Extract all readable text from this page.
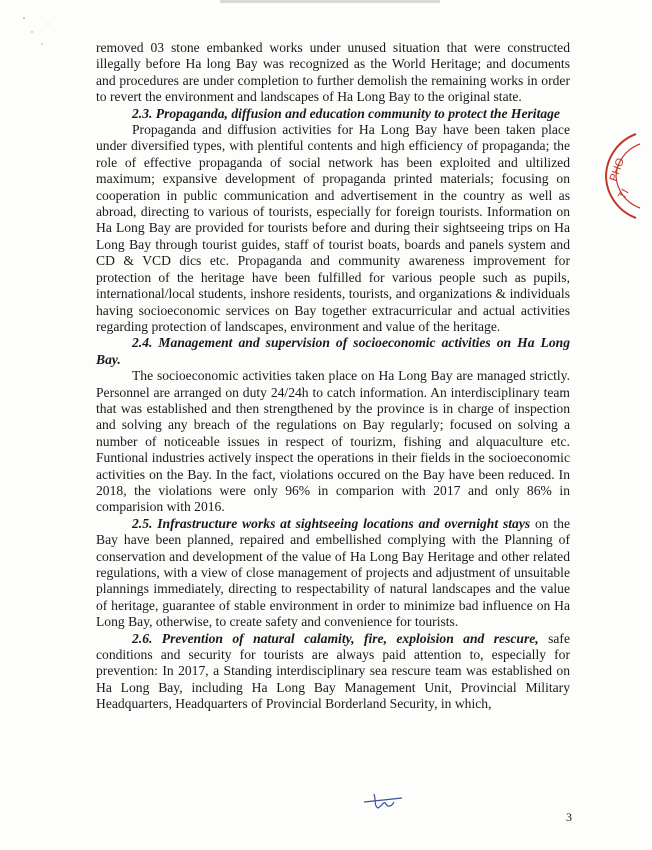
removed 03 stone embanked works under unused situation that were constructed illegally before Ha long Bay was recognized as the World Heritage; and documents and procedures are under completion to further demolish the remaining works in order to revert the environment and landscapes of Ha Long Bay to the original state.

2.3. Propaganda, diffusion and education community to protect the Heritage

Propaganda and diffusion activities for Ha Long Bay have been taken place under diversified types, with plentiful contents and high efficiency of propaganda; the role of effective propaganda of social network has been exploited and ultilized maximum; expansive development of propaganda printed materials; focusing on cooperation in public communication and advertisement in the country as well as abroad, directing to various of tourists, especially for foreign tourists. Information on Ha Long Bay are provided for tourists before and during their sightseeing trips on Ha Long Bay through tourist guides, staff of tourist boats, boards and panels system and CD & VCD dics etc. Propaganda and community awareness improvement for protection of the heritage have been fulfilled for various people such as pupils, international/local students, inshore residents, tourists, and organizations & individuals having socioeconomic services on Bay together extracurricular and actual activities regarding protection of landscapes, environment and value of the heritage.

2.4. Management and supervision of socioeconomic activities on Ha Long Bay.

The socioeconomic activities taken place on Ha Long Bay are managed strictly. Personnel are arranged on duty 24/24h to catch information. An interdisciplinary team that was established and then strengthened by the province is in charge of inspection and solving any breach of the regulations on Bay regularly; focused on solving a number of noticeable issues in respect of tourizm, fishing and alquaculture etc. Funtional industries actively inspect the operations in their fields in the socioeconomic activities on the Bay. In the fact, violations occured on the Bay have been reduced. In 2018, the violations were only 96% in comparion with 2017 and only 86% in comparision with 2016.

2.5. Infrastructure works at sightseeing locations and overnight stays on the Bay have been planned, repaired and embellished complying with the Planning of conservation and development of the value of Ha Long Bay Heritage and other related regulations, with a view of close management of projects and adjustment of unsuitable plannings immediately, directing to respectability of natural landscapes and the value of heritage, guarantee of stable environment in order to minimize bad influence on Ha Long Bay, otherwise, to create safety and convenience for tourists.

2.6. Prevention of natural calamity, fire, exploision and rescure, safe conditions and security for tourists are always paid attention to, especially for prevention: In 2017, a Standing interdisciplinary sea rescure team was established on Ha Long Bay, including Ha Long Bay Management Unit, Provincial Military Headquarters, Headquarters of Provincial Borderland Security, in which,

PHO
TI
3
